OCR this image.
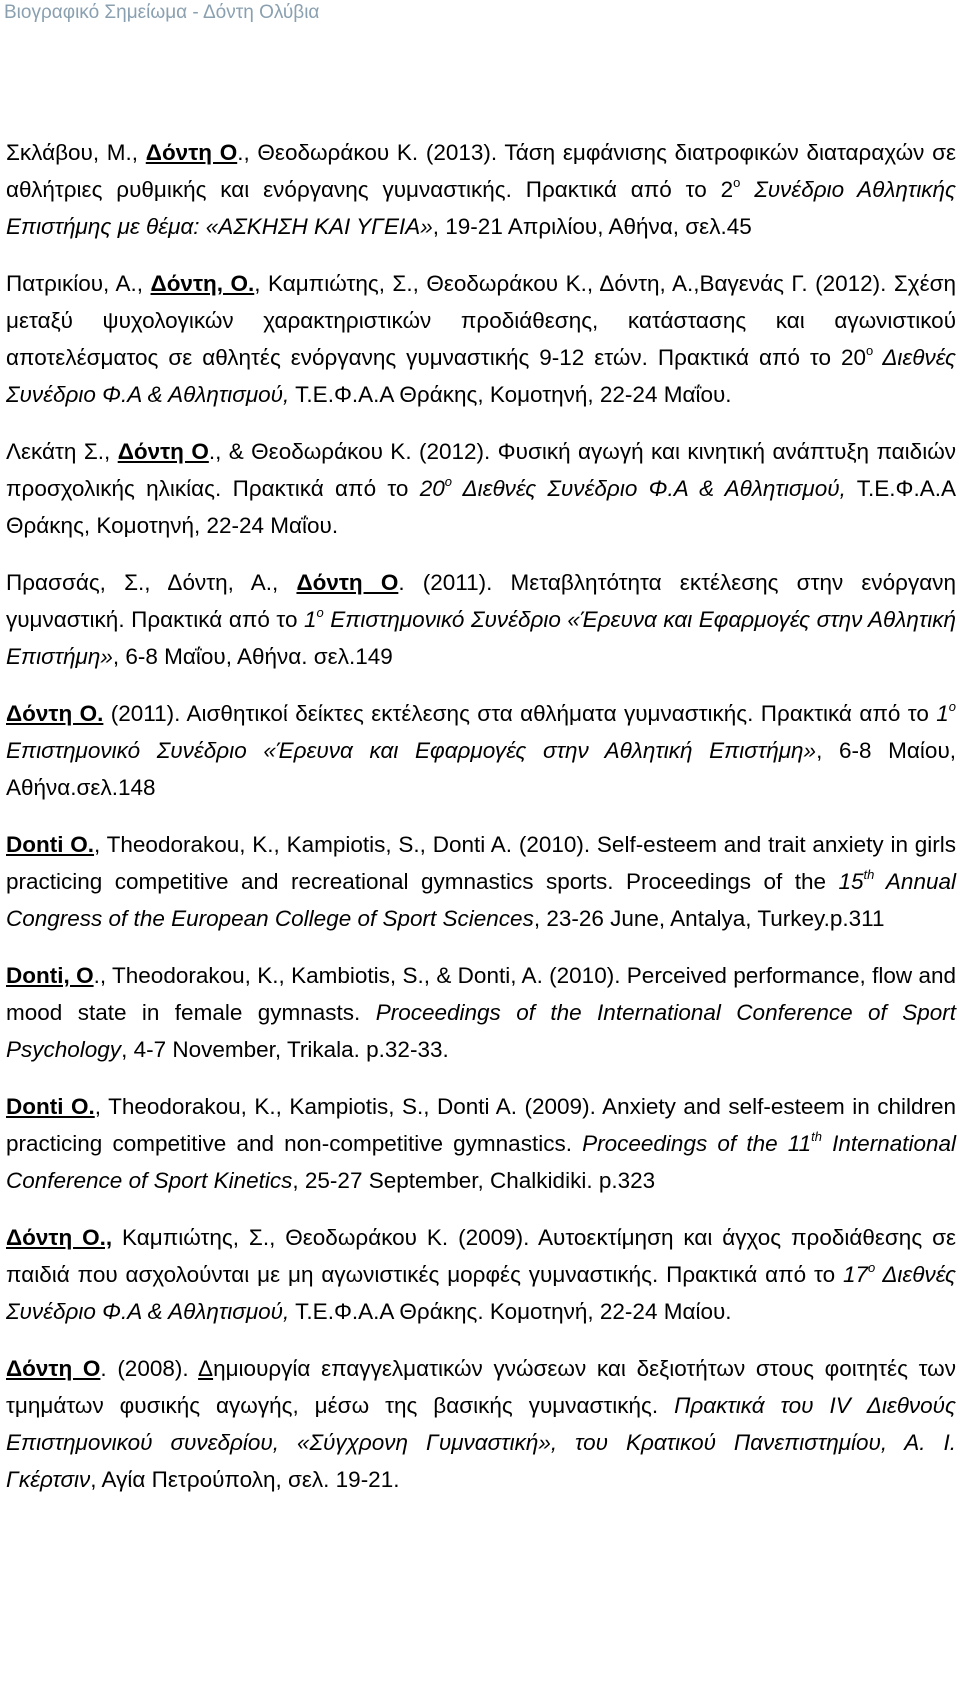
Βιογραφικό Σημείωμα - Δόντη Ολύβια

Σκλάβου, Μ., Δόντη Ο., Θεοδωράκου Κ. (2013). Τάση εμφάνισης διατροφικών διαταραχών σε αθλήτριες ρυθμικής και ενόργανης γυμναστικής. Πρακτικά από το $2^o$ Συνέδριο Αθλητικής Επιστήμης με θέμα: «ΑΣΚΗΣΗ ΚΑΙ ΥΓΕΙΑ», 19-21 Απριλίου, Αθήνα, σελ.45

Πατρικίου, Α., Δόντη, Ο., Καμπιώτης, Σ., Θεοδωράκου Κ., Δόντη, Α.,Βαγενάς Γ. (2012). Σχέση μεταξύ ψυχολογικών χαρακτηριστικών προδιάθεσης, κατάστασης και αγωνιστικού αποτελέσματος σε αθλητές ενόργανης γυμναστικής 9-12 ετών. Πρακτικά από το $20^o$ Διεθνές Συνέδριο Φ.Α & Αθλητισμού, Τ.Ε.Φ.Α.Α Θράκης, Κομοτηνή, 22-24 Μαΐου.

Λεκάτη Σ., Δόντη Ο., & Θεοδωράκου Κ. (2012). Φυσική αγωγή και κινητική ανάπτυξη παιδιών προσχολικής ηλικίας. Πρακτικά από το $20^o$ Διεθνές Συνέδριο Φ.Α & Αθλητισμού, Τ.Ε.Φ.Α.Α Θράκης, Κομοτηνή, 22-24 Μαΐου.

Πρασσάς, Σ., Δόντη, Α., Δόντη Ο. (2011). Μεταβλητότητα εκτέλεσης στην ενόργανη γυμναστική. Πρακτικά από το $1^o$ Επιστημονικό Συνέδριο «Έρευνα και Εφαρμογές στην Αθλητική Επιστήμη», 6-8 Μαΐου, Αθήνα. σελ.149

Δόντη Ο. (2011). Αισθητικοί δείκτες εκτέλεσης στα αθλήματα γυμναστικής. Πρακτικά από το $1^o$ Επιστημονικό Συνέδριο «Έρευνα και Εφαρμογές στην Αθλητική Επιστήμη», 6-8 Μαίου, Αθήνα.σελ.148

Donti O., Theodorakou, K., Kampiotis, S., Donti A. (2010). Self-esteem and trait anxiety in girls practicing competitive and recreational gymnastics sports. Proceedings of the 15th Annual Congress of the European College of Sport Sciences, 23-26 June, Antalya, Turkey.p.311

Donti, O., Theodorakou, K., Kambiotis, S., & Donti, A. (2010). Perceived performance, flow and mood state in female gymnasts. Proceedings of the International Conference of Sport Psychology, 4-7 November, Trikala. p.32-33.

Donti O., Theodorakou, K., Kampiotis, S., Donti A. (2009). Anxiety and self-esteem in children practicing competitive and non-competitive gymnastics. Proceedings of the 11th International Conference of Sport Kinetics, 25-27 September, Chalkidiki. p.323

Δόντη Ο., Καμπιώτης, Σ., Θεοδωράκου Κ. (2009). Αυτοεκτίμηση και άγχος προδιάθεσης σε παιδιά που ασχολούνται με μη αγωνιστικές μορφές γυμναστικής. Πρακτικά από το $17^o$ Διεθνές Συνέδριο Φ.Α & Αθλητισμού, Τ.Ε.Φ.Α.Α Θράκης. Κομοτηνή, 22-24 Μαίου.

Δόντη Ο. (2008). Δημιουργία επαγγελματικών γνώσεων και δεξιοτήτων στους φοιτητές των τμημάτων φυσικής αγωγής, μέσω της βασικής γυμναστικής. Πρακτικά του IV Διεθνούς Επιστημονικού συνεδρίου, «Σύγχρονη Γυμναστική», του Κρατικού Πανεπιστημίου, Α. Ι. Γκέρτσιν, Αγία Πετρούπολη, σελ. 19-21.
